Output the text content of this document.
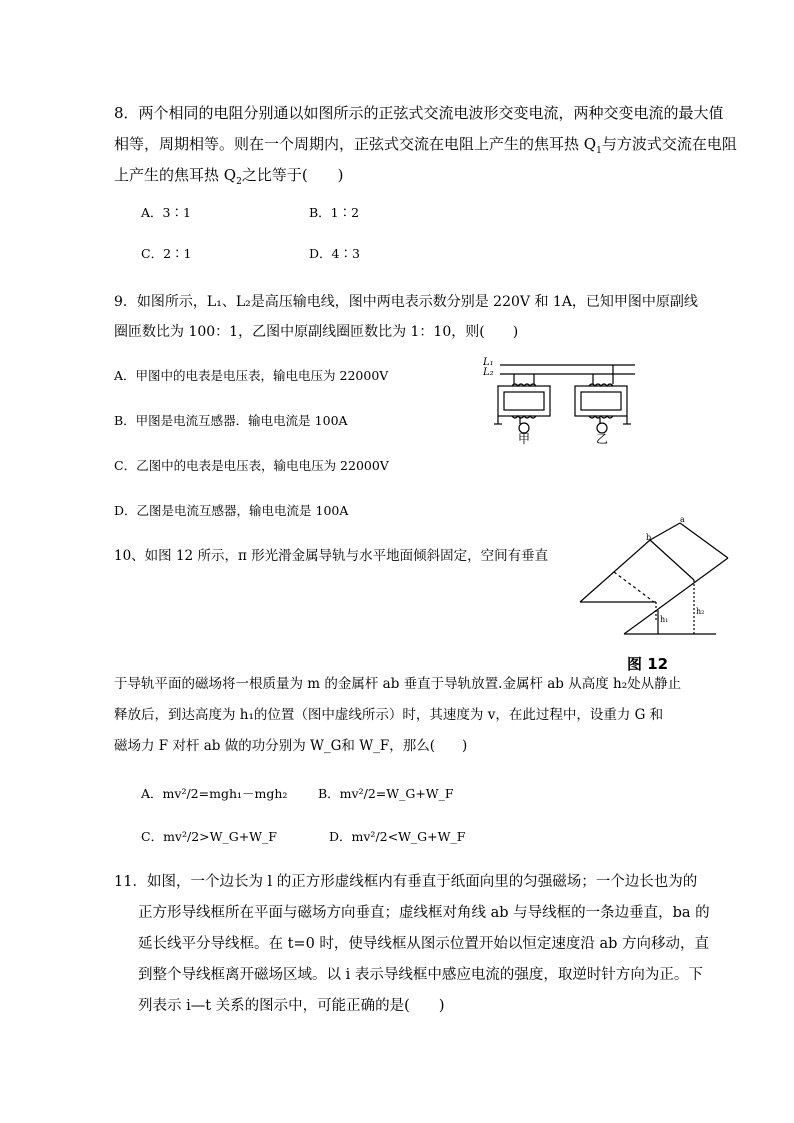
8．两个相同的电阻分别通以如图所示的正弦式交流电波形交变电流，两种交变电流的最大值
相等，周期相等。则在一个周期内，正弦式交流在电阻上产生的焦耳热 $Q_1$与方波式交流在电阻
上产生的焦耳热 $Q_2$之比等于(　　)
A．3∶1	B．1∶2
C．2∶1	D．4∶3
9．如图所示，L₁、L₂是高压输电线，图中两电表示数分别是 220V 和 1A，已知甲图中原副线
圈匝数比为 100：1，乙图中原副线圈匝数比为 1：10，则(　　)
A．甲图中的电表是电压表，输电电压为 22000V
B．甲图是电流互感器．输电电流是 100A
C．乙图中的电表是电压表，输电电压为 22000V
D．乙图是电流互感器，输电电流是 100A
L₁
L₂
甲	乙
10、如图 12 所示，π 形光滑金属导轨与水平地面倾斜固定，空间有垂直
b
a
h₁
h₂
图 12
于导轨平面的磁场将一根质量为 m 的金属杆 ab 垂直于导轨放置.金属杆 ab 从高度 h₂处从静止
释放后，到达高度为 h₁的位置（图中虚线所示）时，其速度为 v，在此过程中，设重力 G 和
磁场力 F 对杆 ab 做的功分别为 W_G和 W_F，那么(　　)
A．mv²/2=mgh₁－mgh₂ B．mv²/2=W_G+W_F
C．mv²/2>W_G+W_F	D．mv²/2<W_G+W_F
11．如图，一个边长为 l 的正方形虚线框内有垂直于纸面向里的匀强磁场；一个边长也为的
正方形导线框所在平面与磁场方向垂直；虚线框对角线 ab 与导线框的一条边垂直，ba 的
延长线平分导线框。在 t=0 时，使导线框从图示位置开始以恒定速度沿 ab 方向移动，直
到整个导线框离开磁场区域。以 i 表示导线框中感应电流的强度，取逆时针方向为正。下
列表示 i—t 关系的图示中，可能正确的是(　　)
